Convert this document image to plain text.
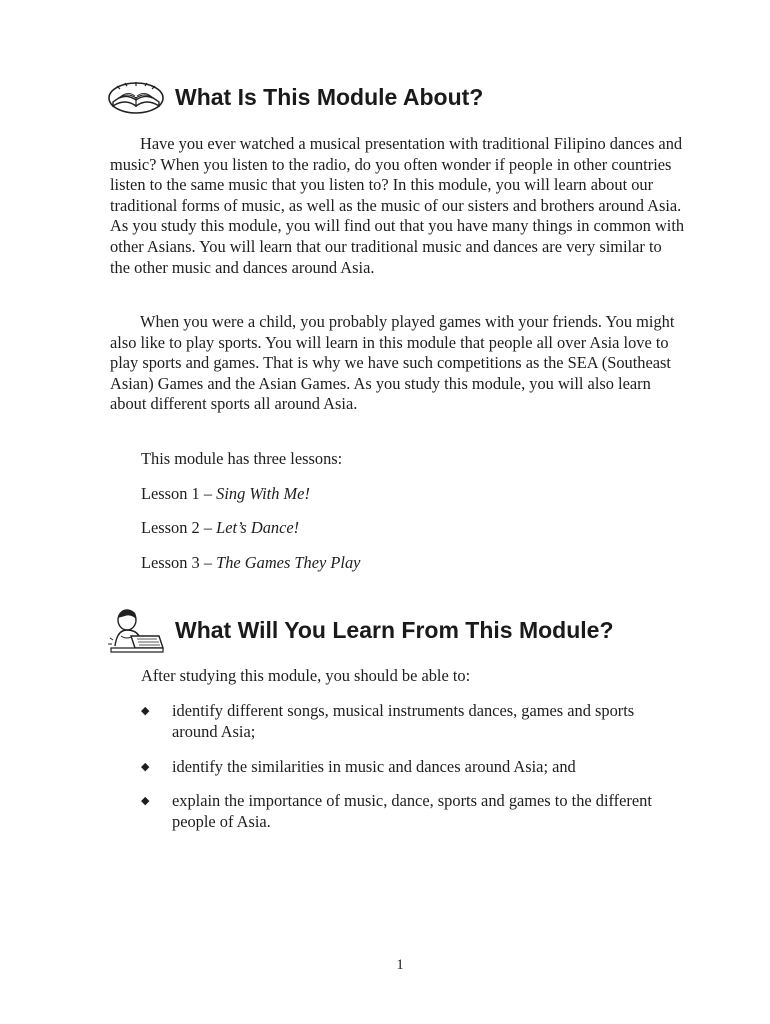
What Is This Module About?

Have you ever watched a musical presentation with traditional Filipino dances and music? When you listen to the radio, do you often wonder if people in other countries listen to the same music that you listen to? In this module, you will learn about our traditional forms of music, as well as the music of our sisters and brothers around Asia. As you study this module, you will find out that you have many things in common with other Asians. You will learn that our traditional music and dances are very similar to the other music and dances around Asia.

When you were a child, you probably played games with your friends. You might also like to play sports. You will learn in this module that people all over Asia love to play sports and games. That is why we have such competitions as the SEA (Southeast Asian) Games and the Asian Games. As you study this module, you will also learn about different sports all around Asia.

This module has three lessons:
Lesson 1 – Sing With Me!
Lesson 2 – Let’s Dance!
Lesson 3 – The Games They Play
What Will You Learn From This Module?
After studying this module, you should be able to:
◆	identify different songs, musical instruments dances, games and sports around Asia;
◆	identify the similarities in music and dances around Asia; and
◆	explain the importance of music, dance, sports and games to the different people of Asia.
1
